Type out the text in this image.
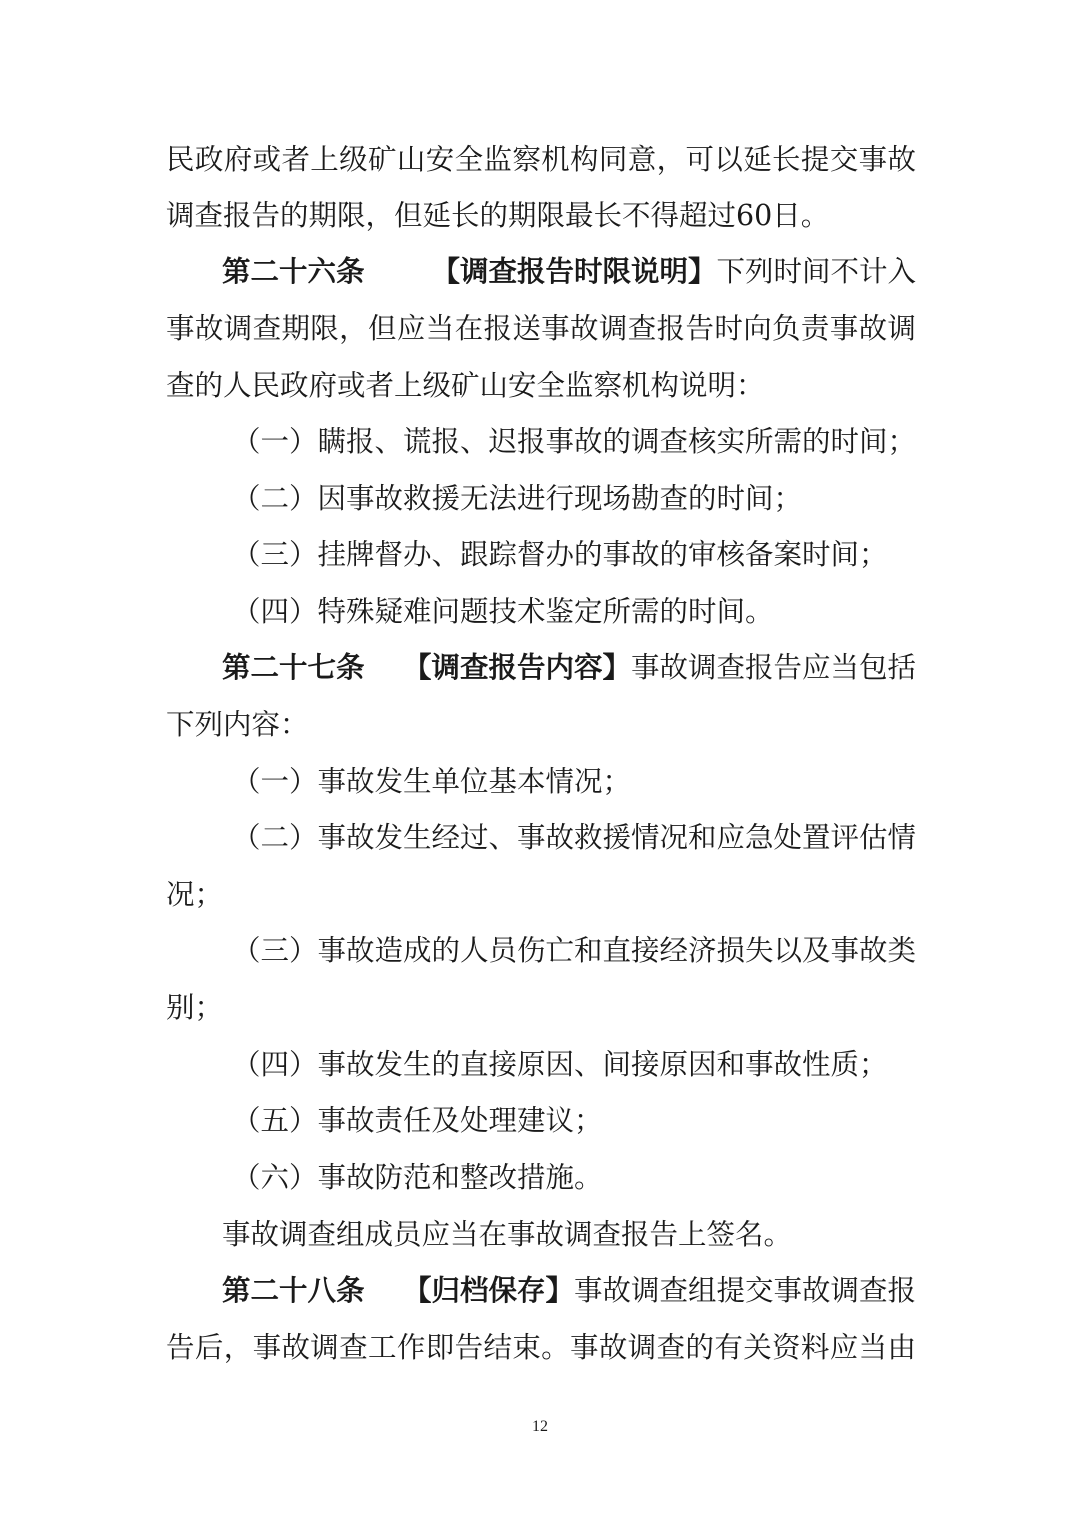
民政府或者上级矿山安全监察机构同意，可以延长提交事故
调查报告的期限，但延长的期限最长不得超过60日。
第二十六条 【调查报告时限说明】下列时间不计入
事故调查期限，但应当在报送事故调查报告时向负责事故调
查的人民政府或者上级矿山安全监察机构说明：
（一）瞒报、谎报、迟报事故的调查核实所需的时间；
（二）因事故救援无法进行现场勘查的时间；
（三）挂牌督办、跟踪督办的事故的审核备案时间；
（四）特殊疑难问题技术鉴定所需的时间。
第二十七条 【调查报告内容】事故调查报告应当包括
下列内容：
（一）事故发生单位基本情况；
（二）事故发生经过、事故救援情况和应急处置评估情
况；
（三）事故造成的人员伤亡和直接经济损失以及事故类
别；
（四）事故发生的直接原因、间接原因和事故性质；
（五）事故责任及处理建议；
（六）事故防范和整改措施。
事故调查组成员应当在事故调查报告上签名。
第二十八条 【归档保存】事故调查组提交事故调查报
告后，事故调查工作即告结束。事故调查的有关资料应当由
12
